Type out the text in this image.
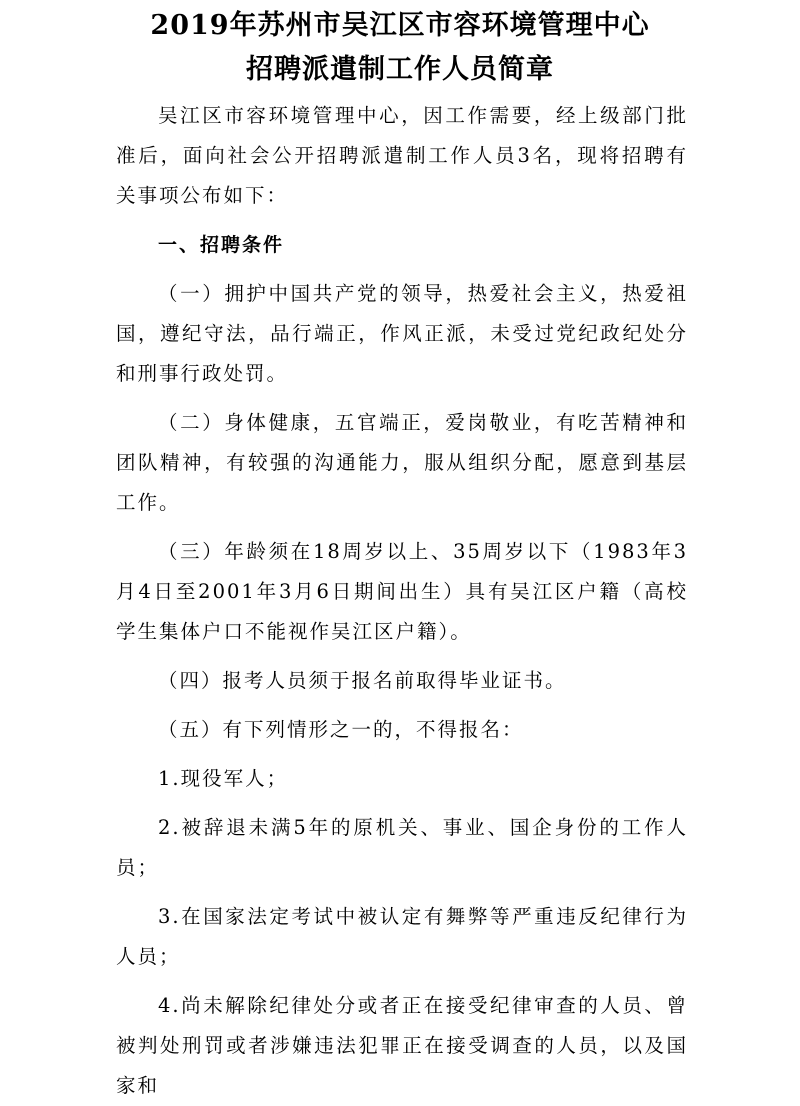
2019年苏州市吴江区市容环境管理中心
招聘派遣制工作人员简章

吴江区市容环境管理中心，因工作需要，经上级部门批准后，面向社会公开招聘派遣制工作人员3名，现将招聘有关事项公布如下：

一、招聘条件

（一）拥护中国共产党的领导，热爱社会主义，热爱祖国，遵纪守法，品行端正，作风正派，未受过党纪政纪处分和刑事行政处罚。

（二）身体健康，五官端正，爱岗敬业，有吃苦精神和团队精神，有较强的沟通能力，服从组织分配，愿意到基层工作。

（三）年龄须在18周岁以上、35周岁以下（1983年3月4日至2001年3月6日期间出生）具有吴江区户籍（高校学生集体户口不能视作吴江区户籍）。

（四）报考人员须于报名前取得毕业证书。

（五）有下列情形之一的，不得报名：

1.现役军人；

2.被辞退未满5年的原机关、事业、国企身份的工作人员；

3.在国家法定考试中被认定有舞弊等严重违反纪律行为人员；

4.尚未解除纪律处分或者正在接受纪律审查的人员、曾被判处刑罚或者涉嫌违法犯罪正在接受调查的人员，以及国家和
